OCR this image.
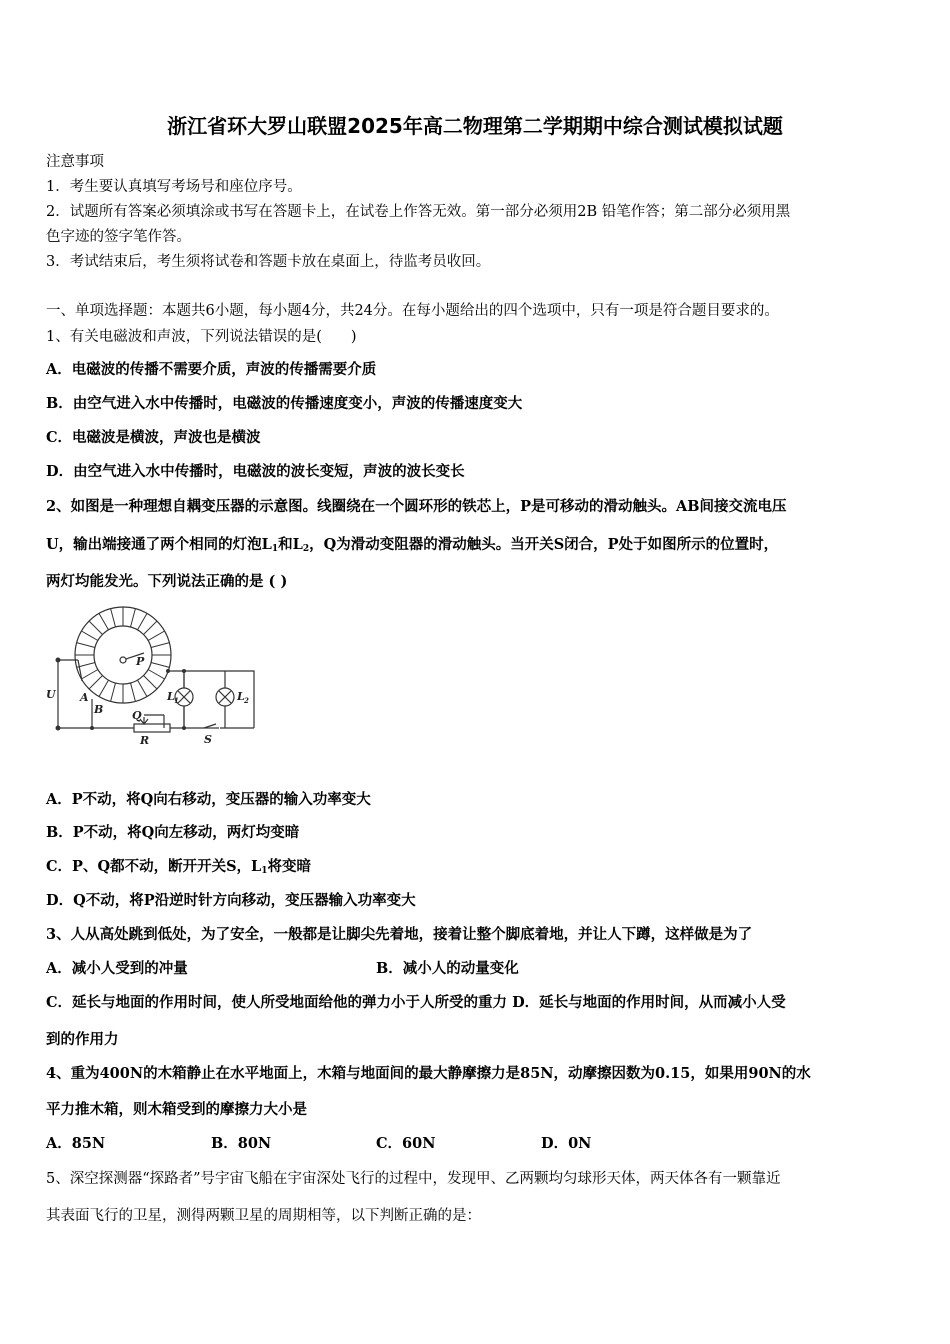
浙江省环大罗山联盟2025年高二物理第二学期期中综合测试模拟试题
注意事项
1．考生要认真填写考场号和座位序号。
2．试题所有答案必须填涂或书写在答题卡上，在试卷上作答无效。第一部分必须用2B 铅笔作答；第二部分必须用黑
色字迹的签字笔作答。
3．考试结束后，考生须将试卷和答题卡放在桌面上，待监考员收回。
一、单项选择题：本题共6小题，每小题4分，共24分。在每小题给出的四个选项中，只有一项是符合题目要求的。
1、有关电磁波和声波，下列说法错误的是(　　)
A．电磁波的传播不需要介质，声波的传播需要介质
B．由空气进入水中传播时，电磁波的传播速度变小，声波的传播速度变大
C．电磁波是横波，声波也是横波
D．由空气进入水中传播时，电磁波的波长变短，声波的波长变长
2、如图是一种理想自耦变压器的示意图。线圈绕在一个圆环形的铁芯上，P是可移动的滑动触头。AB间接交流电压
U，输出端接通了两个相同的灯泡$L_1$和$L_2$，Q为滑动变阻器的滑动触头。当开关S闭合，P处于如图所示的位置时，
两灯均能发光。下列说法正确的是 ( )
P
U A
B	Q
R	S
L 1	L 2
A．P不动，将Q向右移动，变压器的输入功率变大
B．P不动，将Q向左移动，两灯均变暗
C．P、Q都不动，断开开关S，$L_1$将变暗
D．Q不动，将P沿逆时针方向移动，变压器输入功率变大
3、人从高处跳到低处，为了安全，一般都是让脚尖先着地，接着让整个脚底着地，并让人下蹲，这样做是为了
A．减小人受到的冲量	B．减小人的动量变化
C．延长与地面的作用时间，使人所受地面给他的弹力小于人所受的重力 D．延长与地面的作用时间，从而减小人受
到的作用力
4、重为400N的木箱静止在水平地面上，木箱与地面间的最大静摩擦力是85N，动摩擦因数为0.15，如果用90N的水
平力推木箱，则木箱受到的摩擦力大小是
A．85N	B．80N	C．60N	D．0N
5、深空探测器“探路者”号宇宙飞船在宇宙深处飞行的过程中，发现甲、乙两颗均匀球形天体，两天体各有一颗靠近
其表面飞行的卫星，测得两颗卫星的周期相等，以下判断正确的是：
